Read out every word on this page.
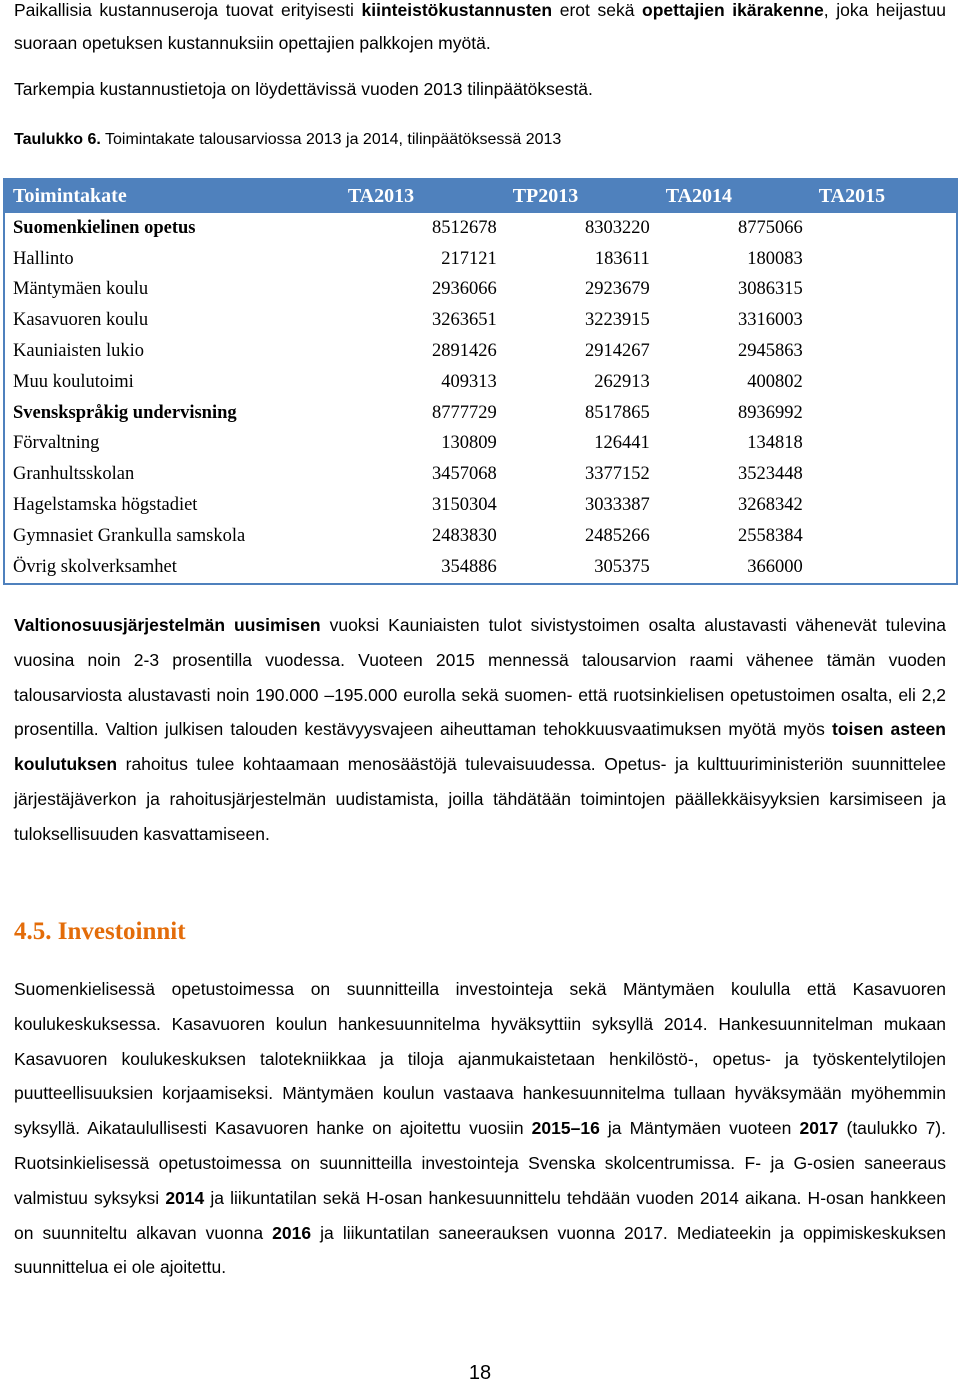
Paikallisia kustannuseroja tuovat erityisesti kiinteistökustannusten erot sekä opettajien ikärakenne, joka heijastuu suoraan opetuksen kustannuksiin opettajien palkkojen myötä.
Tarkempia kustannustietoja on löydettävissä vuoden 2013 tilinpäätöksestä.
Taulukko 6. Toimintakate talousarviossa 2013 ja 2014, tilinpäätöksessä 2013
Toimintakate	TA2013	TP2013	TA2014	TA2015
Suomenkielinen opetus	8512678	8303220	8775066	
Hallinto	217121	183611	180083	
Mäntymäen koulu	2936066	2923679	3086315	
Kasavuoren koulu	3263651	3223915	3316003	
Kauniaisten lukio	2891426	2914267	2945863	
Muu koulutoimi	409313	262913	400802	
Svenskspråkig undervisning	8777729	8517865	8936992	
Förvaltning	130809	126441	134818	
Granhultsskolan	3457068	3377152	3523448	
Hagelstamska högstadiet	3150304	3033387	3268342	
Gymnasiet Grankulla samskola	2483830	2485266	2558384	
Övrig skolverksamhet	354886	305375	366000	
Valtionosuusjärjestelmän uusimisen vuoksi Kauniaisten tulot sivistystoimen osalta alustavasti vähenevät tulevina vuosina noin 2-3 prosentilla vuodessa. Vuoteen 2015 mennessä talousarvion raami vähenee tämän vuoden talousarviosta alustavasti noin 190.000 –195.000 eurolla sekä suomen- että ruotsinkielisen opetustoimen osalta, eli 2,2 prosentilla. Valtion julkisen talouden kestävyysvajeen aiheuttaman tehokkuusvaatimuksen myötä myös toisen asteen koulutuksen rahoitus tulee kohtaamaan menosäästöjä tulevaisuudessa. Opetus- ja kulttuuriministeriön suunnittelee järjestäjäverkon ja rahoitusjärjestelmän uudistamista, joilla tähdätään toimintojen päällekkäisyyksien karsimiseen ja tuloksellisuuden kasvattamiseen.
4.5. Investoinnit
Suomenkielisessä opetustoimessa on suunnitteilla investointeja sekä Mäntymäen koululla että Kasavuoren koulukeskuksessa. Kasavuoren koulun hankesuunnitelma hyväksyttiin syksyllä 2014. Hankesuunnitelman mukaan Kasavuoren koulukeskuksen talotekniikkaa ja tiloja ajanmukaistetaan henkilöstö-, opetus- ja työskentelytilojen puutteellisuuksien korjaamiseksi. Mäntymäen koulun vastaava hankesuunnitelma tullaan hyväksymään myöhemmin syksyllä. Aikataulullisesti Kasavuoren hanke on ajoitettu vuosiin 2015–16 ja Mäntymäen vuoteen 2017 (taulukko 7). Ruotsinkielisessä opetustoimessa on suunnitteilla investointeja Svenska skolcentrumissa. F- ja G-osien saneeraus valmistuu syksyksi 2014 ja liikuntatilan sekä H-osan hankesuunnittelu tehdään vuoden 2014 aikana. H-osan hankkeen on suunniteltu alkavan vuonna 2016 ja liikuntatilan saneerauksen vuonna 2017. Mediateekin ja oppimiskeskuksen suunnittelua ei ole ajoitettu.
18
